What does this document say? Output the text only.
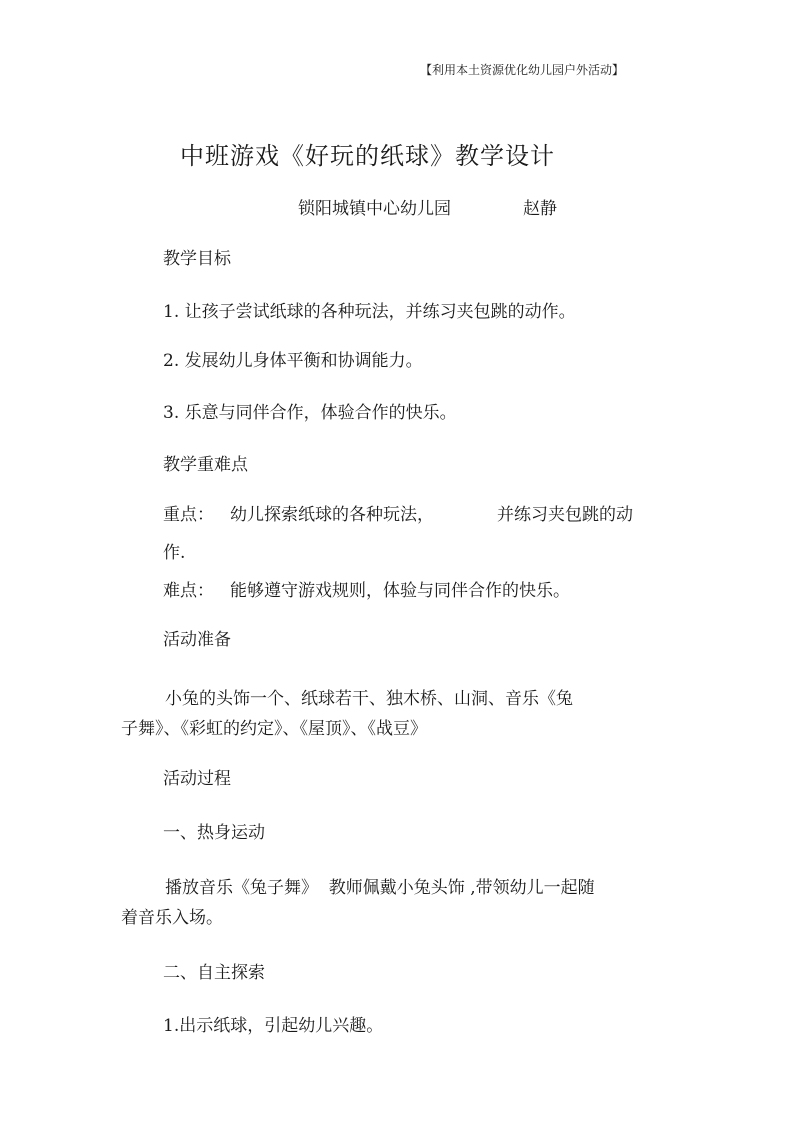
【利用本土资源优化幼儿园户外活动】
中班游戏《好玩的纸球》教学设计
锁阳城镇中心幼儿园	赵静
教学目标
1. 让孩子尝试纸球的各种玩法，并练习夹包跳的动作。
2. 发展幼儿身体平衡和协调能力。
3. 乐意与同伴合作，体验合作的快乐。
教学重难点
重点： 幼儿探索纸球的各种玩法，	并练习夹包跳的动
作.
难点： 能够遵守游戏规则，体验与同伴合作的快乐。
活动准备
小兔的头饰一个、纸球若干、独木桥、山洞、音乐《兔
子舞》、《彩虹的约定》、《屋顶》、《战豆》
活动过程
一、热身运动
播放音乐《兔子舞》  教师佩戴小兔头饰 ,带领幼儿一起随
着音乐入场。
二、自主探索
1.出示纸球，引起幼儿兴趣。
